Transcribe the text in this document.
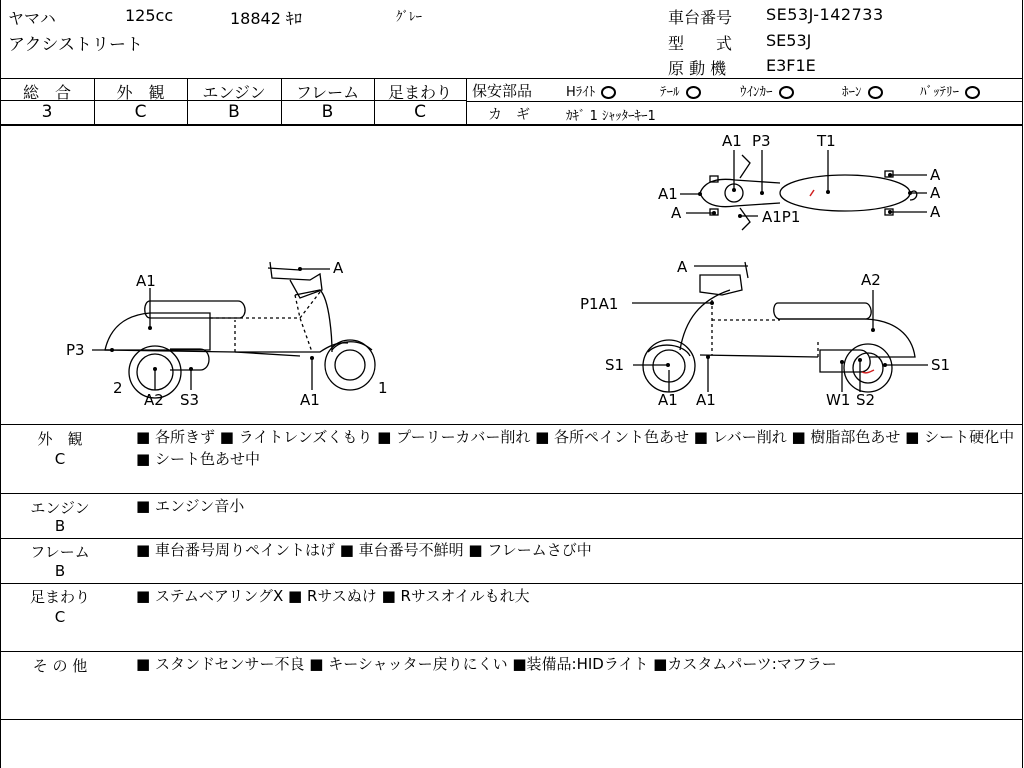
ヤマハ	125cc	18842 ｷﾛ	ｸﾞﾚｰ
アクシストリート
車台番号 SE53J-142733
型　　式 SE53J
原 動 機 E3F1E
総　合	外　観	エンジン	フレーム	足まわり
3	C	B	B	C
保安部品	Hﾗｲﾄ	ﾃｰﾙ	ｳｲﾝｶｰ	ﾎｰﾝ	ﾊﾞｯﾃﾘｰ
カ　ギ	ｶｷﾞ 1 ｼｬｯﾀｰｷｰ1
A1 P3	T1
A1
A	A1P1
A
A
A
A
A1
P3
2
A2 S3	A1
1
A
A2
P1A1
S1	S1
A1 A1	W1 S2
外　観
C
■ 各所きず ■ ライトレンズくもり ■ プーリーカバー削れ ■ 各所ペイント色あせ ■ レバー削れ ■ 樹脂部色あせ ■ シート硬化中 ■ シート色あせ中
エンジン
B
■ エンジン音小
フレーム
B
■ 車台番号周りペイントはげ ■ 車台番号不鮮明 ■ フレームさび中
足まわり
C
■ ステムベアリングX ■ Rサスぬけ ■ Rサスオイルもれ大
そ の 他	■ スタンドセンサー不良 ■ キーシャッター戻りにくい ■装備品:HIDライト ■カスタムパーツ:マフラー
